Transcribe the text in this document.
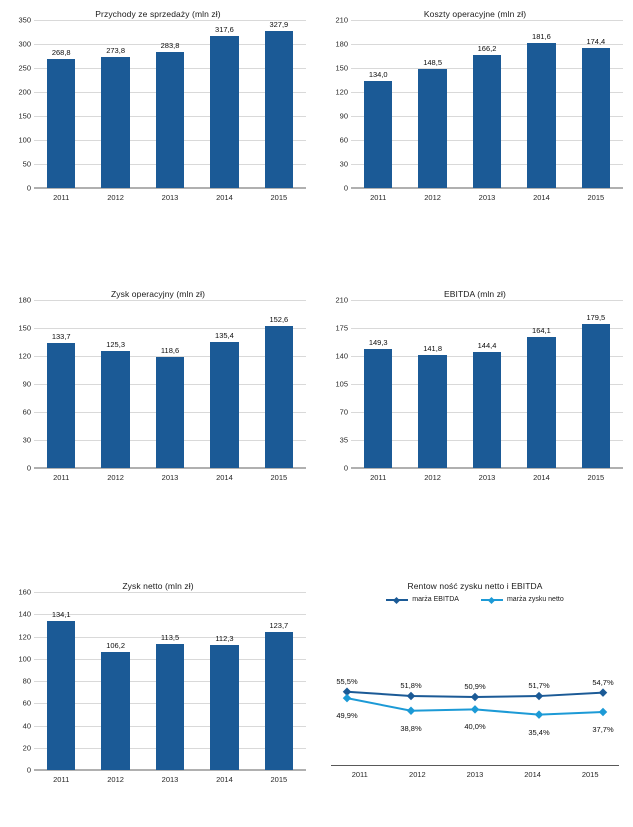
Przychody ze sprzedaży (mln zł)
0
50
100
150
200
250
300
350
268,8	273,8
283,8
317,6
327,9
2011	2012	2013	2014	2015
Koszty operacyjne (mln zł)
0
30
60
90
120
150
180
210
134,0
148,5
166,2
181,6
174,4
2011	2012	2013	2014	2015
Zysk operacyjny (mln zł)
0
30
60
90
120
150
180
133,7
125,3
118,6
135,4
152,6
2011	2012	2013	2014	2015
EBITDA (mln zł)
0
35
70
105
140
175
210
149,3
141,8	144,4
164,1
179,5
2011	2012	2013	2014	2015
Zysk netto (mln zł)
0
20
40
60
80
100
120
140
160
134,1
106,2
113,5	112,3
123,7
2011	2012	2013	2014	2015
Rentow ność zysku netto i EBITDA
marża EBITDA	marża zysku netto
55,5%	51,8%	50,9%	51,7%	54,7%
49,9%
38,8%	40,0%
35,4%	37,7%
2011	2012	2013	2014	2015
